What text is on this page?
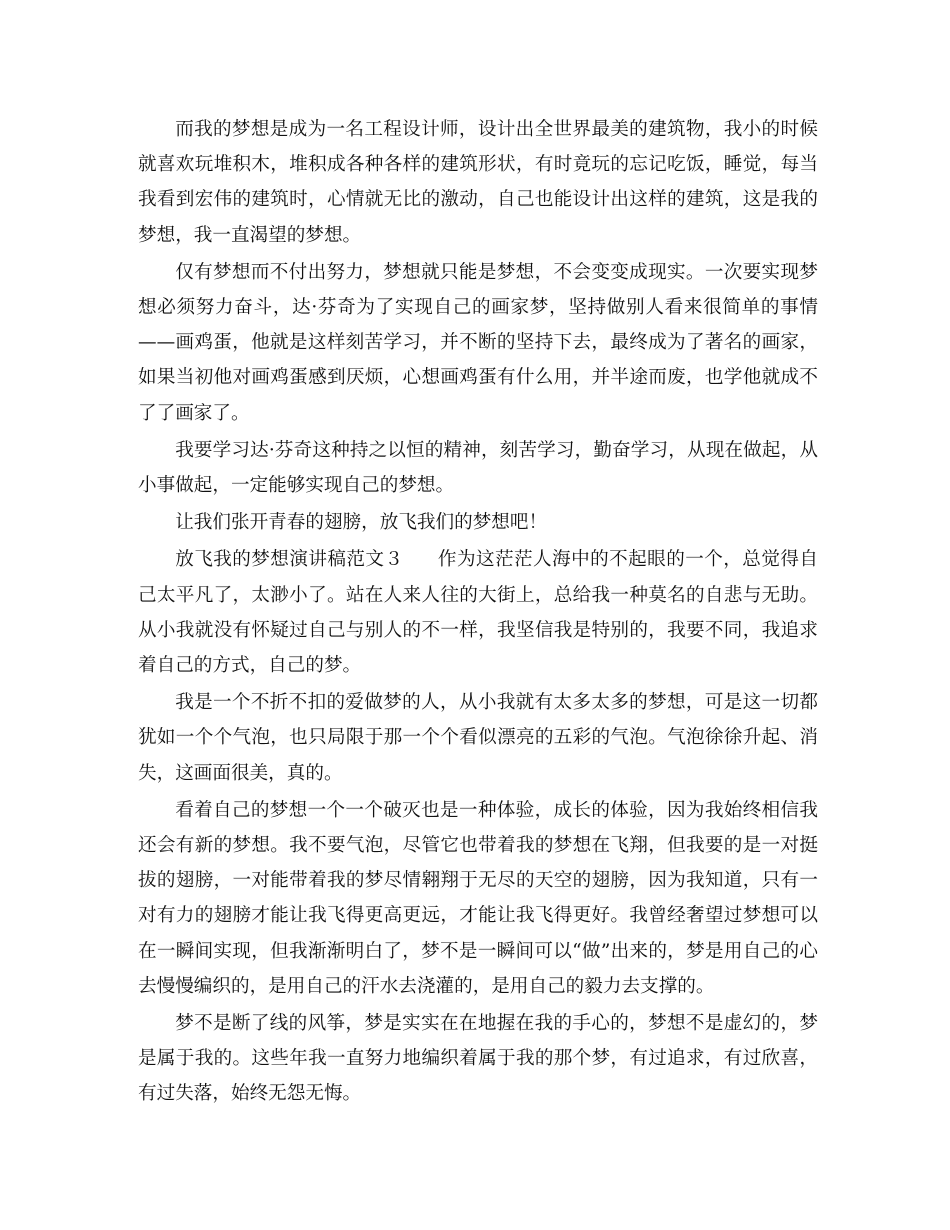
而我的梦想是成为一名工程设计师，设计出全世界最美的建筑物，我小的时候就喜欢玩堆积木，堆积成各种各样的建筑形状，有时竟玩的忘记吃饭，睡觉，每当我看到宏伟的建筑时，心情就无比的激动，自己也能设计出这样的建筑，这是我的梦想，我一直渴望的梦想。

仅有梦想而不付出努力，梦想就只能是梦想，不会变变成现实。一次要实现梦想必须努力奋斗，达·芬奇为了实现自己的画家梦，坚持做别人看来很简单的事情——画鸡蛋，他就是这样刻苦学习，并不断的坚持下去，最终成为了著名的画家，如果当初他对画鸡蛋感到厌烦，心想画鸡蛋有什么用，并半途而废，也学他就成不了了画家了。

我要学习达·芬奇这种持之以恒的精神，刻苦学习，勤奋学习，从现在做起，从小事做起，一定能够实现自己的梦想。

让我们张开青春的翅膀，放飞我们的梦想吧！

放飞我的梦想演讲稿范文３ 作为这茫茫人海中的不起眼的一个，总觉得自己太平凡了，太渺小了。站在人来人往的大街上，总给我一种莫名的自悲与无助。从小我就没有怀疑过自己与别人的不一样，我坚信我是特别的，我要不同，我追求着自己的方式，自己的梦。

我是一个不折不扣的爱做梦的人，从小我就有太多太多的梦想，可是这一切都犹如一个个气泡，也只局限于那一个个看似漂亮的五彩的气泡。气泡徐徐升起、消失，这画面很美，真的。

看着自己的梦想一个一个破灭也是一种体验，成长的体验，因为我始终相信我还会有新的梦想。我不要气泡，尽管它也带着我的梦想在飞翔，但我要的是一对挺拔的翅膀，一对能带着我的梦尽情翱翔于无尽的天空的翅膀，因为我知道，只有一对有力的翅膀才能让我飞得更高更远，才能让我飞得更好。我曾经奢望过梦想可以在一瞬间实现，但我渐渐明白了，梦不是一瞬间可以“做”出来的，梦是用自己的心去慢慢编织的，是用自己的汗水去浇灌的，是用自己的毅力去支撑的。

梦不是断了线的风筝，梦是实实在在地握在我的手心的，梦想不是虚幻的，梦是属于我的。这些年我一直努力地编织着属于我的那个梦，有过追求，有过欣喜，有过失落，始终无怨无悔。
